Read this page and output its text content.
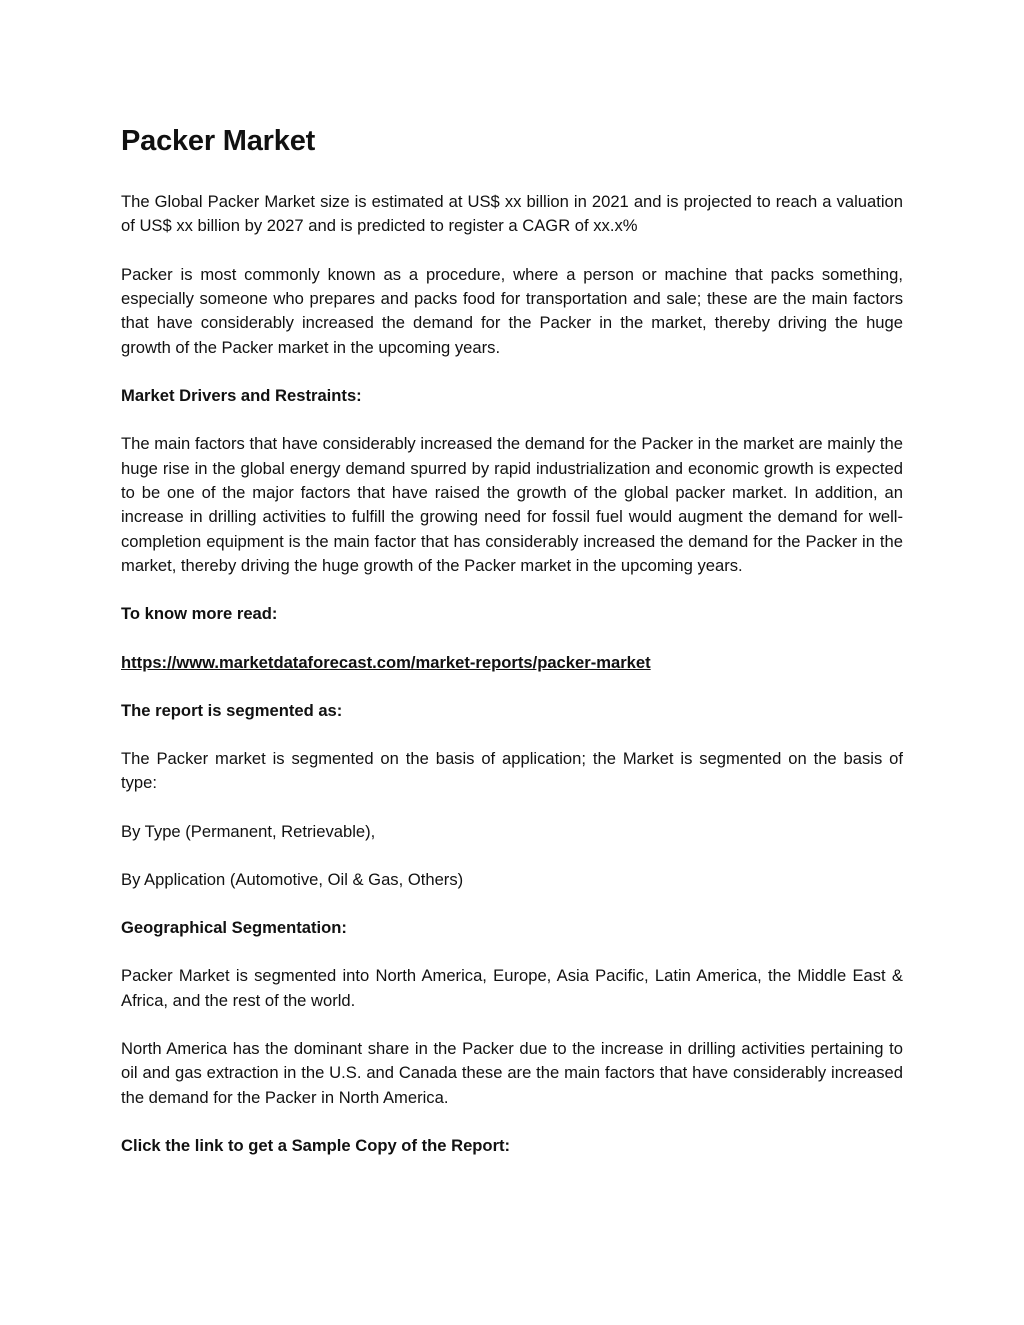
Packer Market

The Global Packer Market size is estimated at US$ xx billion in 2021 and is projected to reach a valuation of US$ xx billion by 2027 and is predicted to register a CAGR of xx.x%

Packer is most commonly known as a procedure, where a person or machine that packs something, especially someone who prepares and packs food for transportation and sale; these are the main factors that have considerably increased the demand for the Packer in the market, thereby driving the huge growth of the Packer market in the upcoming years.

Market Drivers and Restraints:

The main factors that have considerably increased the demand for the Packer in the market are mainly the huge rise in the global energy demand spurred by rapid industrialization and economic growth is expected to be one of the major factors that have raised the growth of the global packer market. In addition, an increase in drilling activities to fulfill the growing need for fossil fuel would augment the demand for well-completion equipment is the main factor that has considerably increased the demand for the Packer in the market, thereby driving the huge growth of the Packer market in the upcoming years.

To know more read:

https://www.marketdataforecast.com/market-reports/packer-market

The report is segmented as:

The Packer market is segmented on the basis of application; the Market is segmented on the basis of type:

By Type (Permanent, Retrievable),

By Application (Automotive, Oil & Gas, Others)

Geographical Segmentation:

Packer Market is segmented into North America, Europe, Asia Pacific, Latin America, the Middle East & Africa, and the rest of the world.

North America has the dominant share in the Packer due to the increase in drilling activities pertaining to oil and gas extraction in the U.S. and Canada these are the main factors that have considerably increased the demand for the Packer in North America.

Click the link to get a Sample Copy of the Report:
